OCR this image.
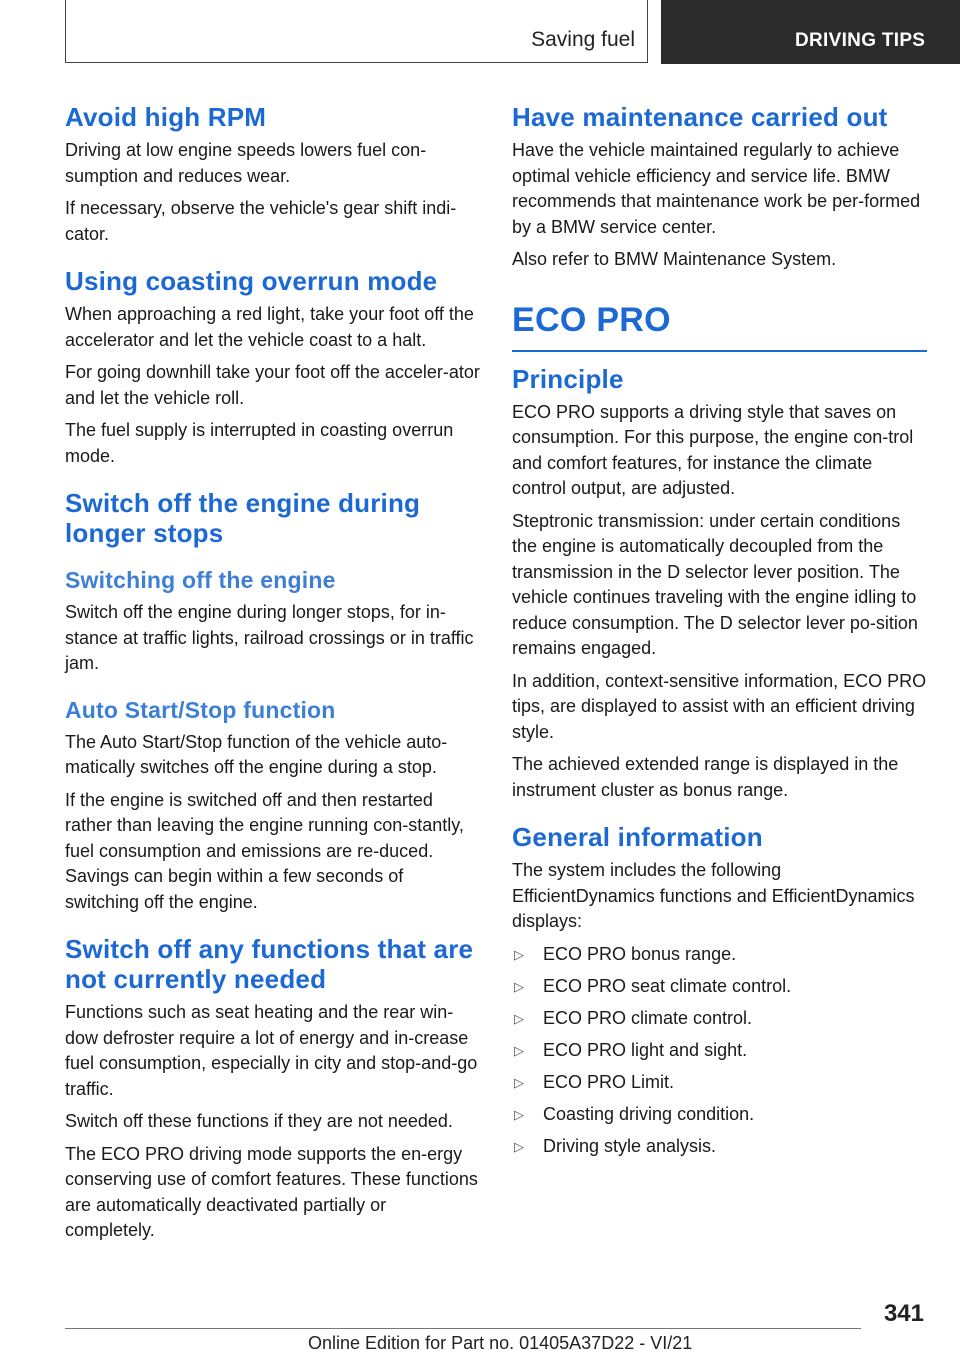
Saving fuel	DRIVING TIPS
Avoid high RPM

Driving at low engine speeds lowers fuel con‐sumption and reduces wear.

If necessary, observe the vehicle's gear shift indi‐cator.

Using coasting overrun mode

When approaching a red light, take your foot off the accelerator and let the vehicle coast to a halt.

For going downhill take your foot off the acceler‐ator and let the vehicle roll.

The fuel supply is interrupted in coasting overrun mode.

Switch off the engine during longer stops
Switching off the engine

Switch off the engine during longer stops, for in‐stance at traffic lights, railroad crossings or in traffic jam.

Auto Start/Stop function

The Auto Start/Stop function of the vehicle auto‐matically switches off the engine during a stop.

If the engine is switched off and then restarted rather than leaving the engine running con‐stantly, fuel consumption and emissions are re‐duced. Savings can begin within a few seconds of switching off the engine.

Switch off any functions that are not currently needed

Functions such as seat heating and the rear win‐dow defroster require a lot of energy and in‐crease fuel consumption, especially in city and stop-and-go traffic.

Switch off these functions if they are not needed.

The ECO PRO driving mode supports the en‐ergy conserving use of comfort features. These functions are automatically deactivated partially or completely.

Have maintenance carried out

Have the vehicle maintained regularly to achieve optimal vehicle efficiency and service life. BMW recommends that maintenance work be per‐formed by a BMW service center.

Also refer to BMW Maintenance System.

ECO PRO
Principle

ECO PRO supports a driving style that saves on consumption. For this purpose, the engine con‐trol and comfort features, for instance the climate control output, are adjusted.

Steptronic transmission: under certain conditions the engine is automatically decoupled from the transmission in the D selector lever position. The vehicle continues traveling with the engine idling to reduce consumption. The D selector lever po‐sition remains engaged.

In addition, context-sensitive information, ECO PRO tips, are displayed to assist with an efficient driving style.

The achieved extended range is displayed in the instrument cluster as bonus range.

General information

The system includes the following EfficientDynamics functions and EfficientDynamics displays:

▷	ECO PRO bonus range.
▷	ECO PRO seat climate control.
▷	ECO PRO climate control.
▷	ECO PRO light and sight.
▷	ECO PRO Limit.
▷	Coasting driving condition.
▷	Driving style analysis.
341
Online Edition for Part no. 01405A37D22 - VI/21
